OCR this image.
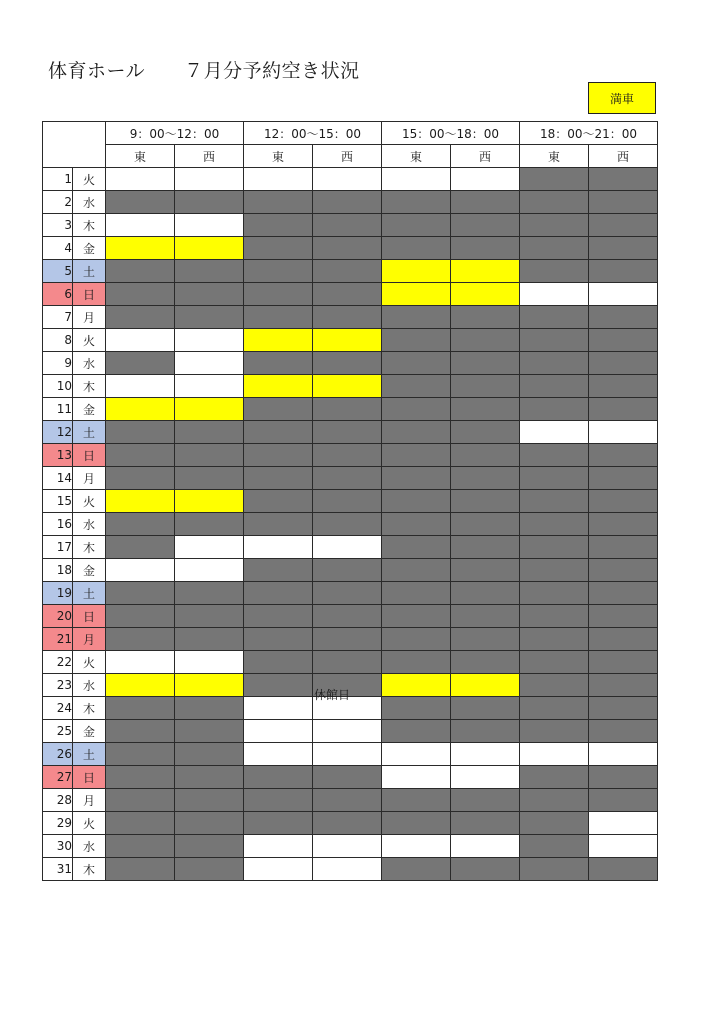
体育ホール　　７月分予約空き状況
満車
		9：00～12：00		12：00～15：00		15：00～18：00		18：00～21：00	
		東	西	東	西	東	西	東	西
1	火								
2	水								
3	木								
4	金								
5	土								
6	日								
7	月								
8	火								
9	水								
10	木								
11	金								
12	土								
13	日								
14	月								
15	火								
16	水								
17	木								
18	金								
19	土								
20	日								
21	月								
22	火								
23	水								
24	木								
25	金								
26	土								
27	日								
28	月								
29	火								
30	水								
31	木								
休館日
